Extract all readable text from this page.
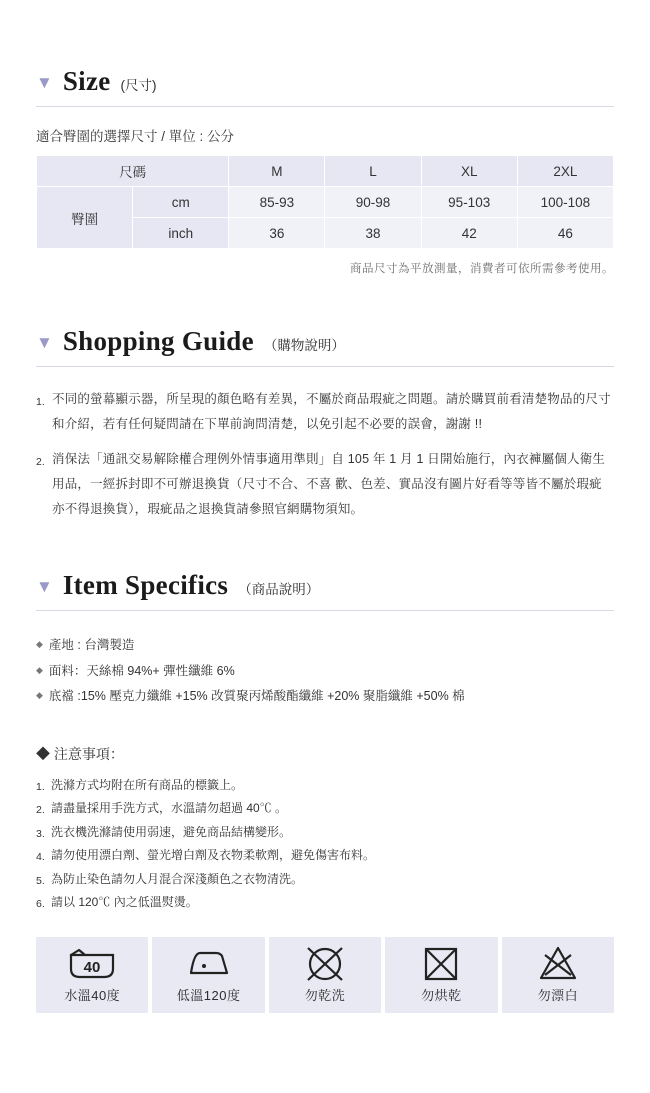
▼ Size (尺寸)
適合臀圍的選擇尺寸 / 單位 : 公分
尺碼		M	L	XL	2XL
臀圍	cm	85-93	90-98	95-103	100-108
	inch	36	38	42	46
商品尺寸為平放測量，消費者可依所需參考使用。
▼ Shopping Guide （購物說明）
1. 不同的螢幕顯示器，所呈現的顏色略有差異，不屬於商品瑕疵之問題。請於購買前看清楚物品的尺寸和介紹，若有任何疑問請在下單前詢問清楚，以免引起不必要的誤會，謝謝 !!
2. 消保法「通訊交易解除權合理例外情事適用準則」自 105 年 1 月 1 日開始施行，內衣褲屬個人衛生用品，一經拆封即不可辦退換貨（尺寸不合、不喜 歡、色差、實品沒有圖片好看等等皆不屬於瑕疵亦不得退換貨），瑕疵品之退換貨請參照官網購物須知。
▼ Item Specifics （商品說明）
◆ 產地 : 台灣製造
◆ 面料：天絲棉 94%+ 彈性纖維 6%
◆ 底襠 :15% 壓克力纖維 +15% 改質聚丙烯酸酯纖維 +20% 聚脂纖維 +50% 棉
◆ 注意事項：
1. 洗滌方式均附在所有商品的標籤上。
2. 請盡量採用手洗方式，水溫請勿超過 40℃ 。
3. 洗衣機洗滌請使用弱速，避免商品結構變形。
4. 請勿使用漂白劑、螢光增白劑及衣物柔軟劑，避免傷害布料。
5. 為防止染色請勿人月混合深淺顏色之衣物清洗。
6. 請以 120℃ 內之低溫熨燙。
40
水溫40度	低溫120度	勿乾洗	勿烘乾	勿漂白
